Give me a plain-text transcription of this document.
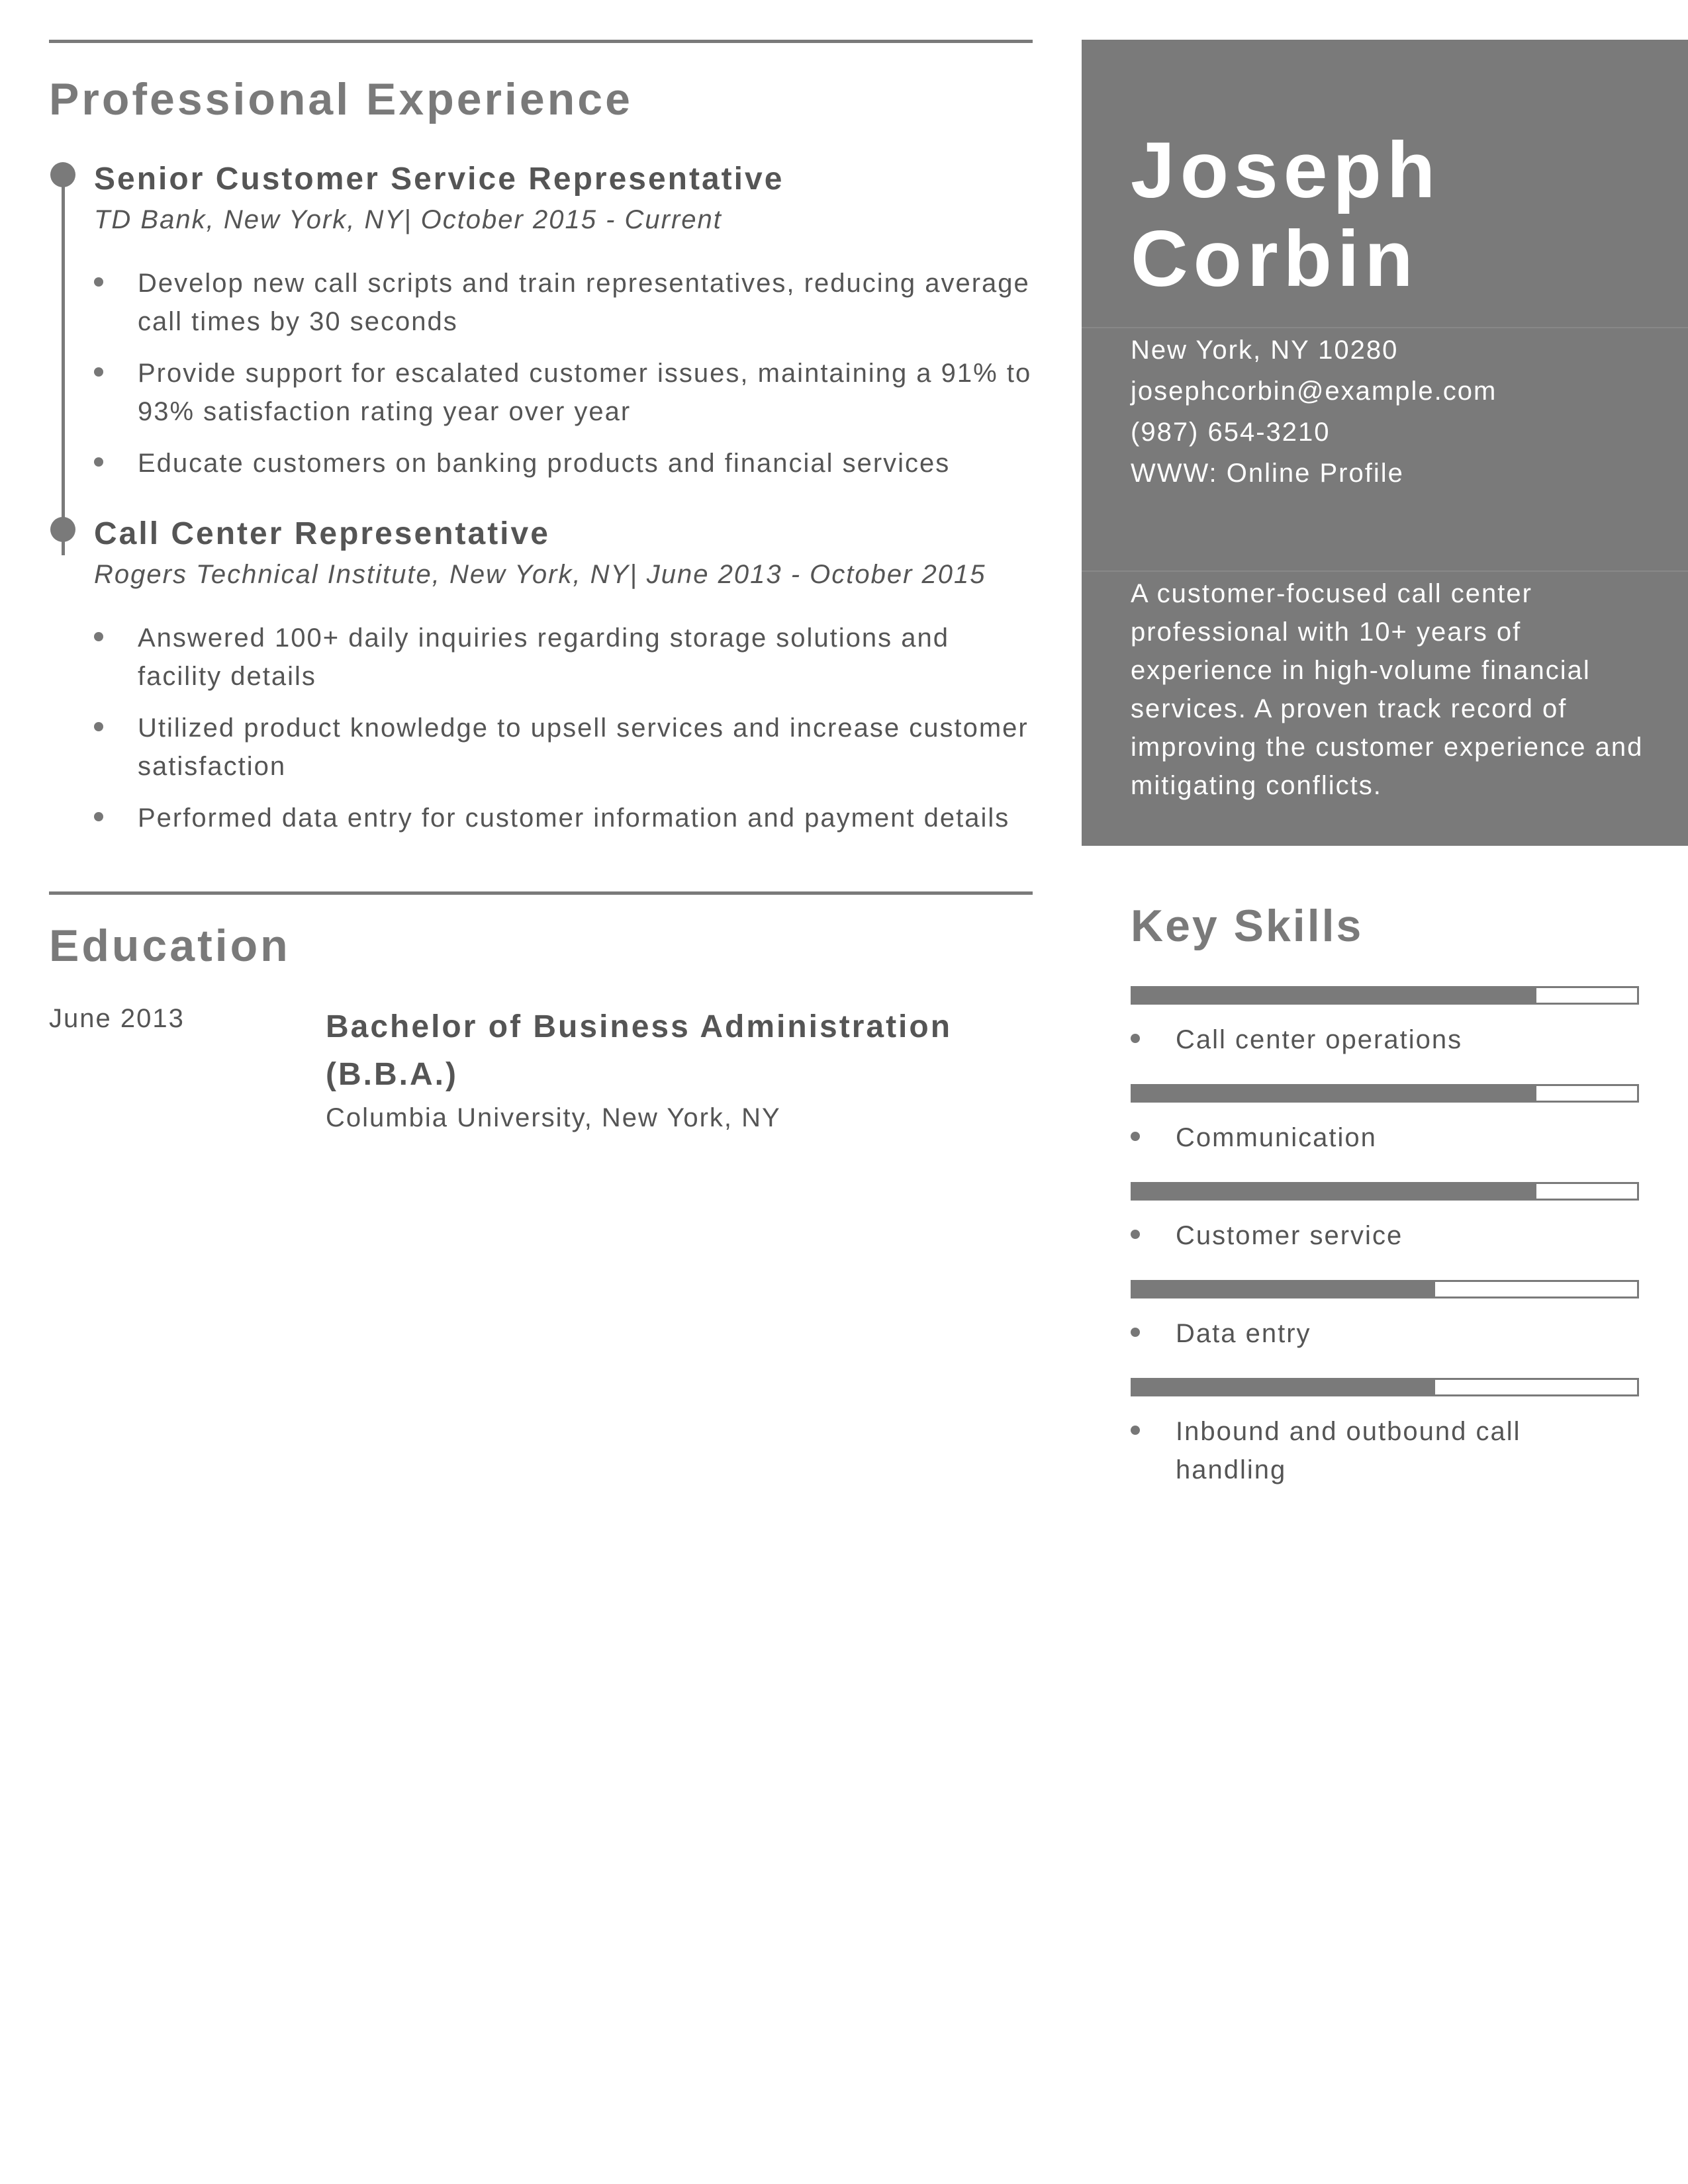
Professional Experience
Senior Customer Service Representative
TD Bank, New York, NY| October 2015 - Current
Develop new call scripts and train representatives, reducing average call times by 30 seconds
Provide support for escalated customer issues, maintaining a 91% to 93% satisfaction rating year over year
Educate customers on banking products and financial services
Call Center Representative
Rogers Technical Institute, New York, NY| June 2013 - October 2015
Answered 100+ daily inquiries regarding storage solutions and facility details
Utilized product knowledge to upsell services and increase customer satisfaction
Performed data entry for customer information and payment details
Education
June 2013	Bachelor of Business Administration (B.B.A.)
Columbia University, New York, NY
Joseph
Corbin
New York, NY 10280
josephcorbin@example.com
(987) 654-3210
WWW: Online Profile
A customer-focused call center professional with 10+ years of experience in high-volume financial services. A proven track record of improving the customer experience and mitigating conflicts.
Key Skills
Call center operations
Communication
Customer service
Data entry
Inbound and outbound call handling
